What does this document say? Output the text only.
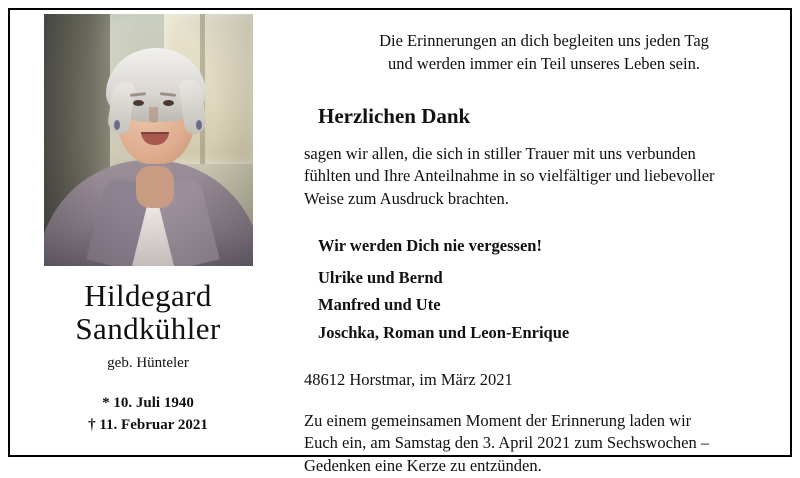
Hildegard
Sandkühler
geb. Hünteler
* 10. Juli 1940
† 11. Februar 2021
Die Erinnerungen an dich begleiten uns jeden Tag
und werden immer ein Teil unseres Leben sein.
Herzlichen Dank
sagen wir allen, die sich in stiller Trauer mit uns verbunden
fühlten und Ihre Anteilnahme in so vielfältiger und liebevoller
Weise zum Ausdruck brachten.
Wir werden Dich nie vergessen!
Ulrike und Bernd
Manfred und Ute
Joschka, Roman und Leon-Enrique
48612 Horstmar, im März 2021
Zu einem gemeinsamen Moment der Erinnerung laden wir
Euch ein, am Samstag den 3. April 2021 zum Sechswochen –
Gedenken eine Kerze zu entzünden.
